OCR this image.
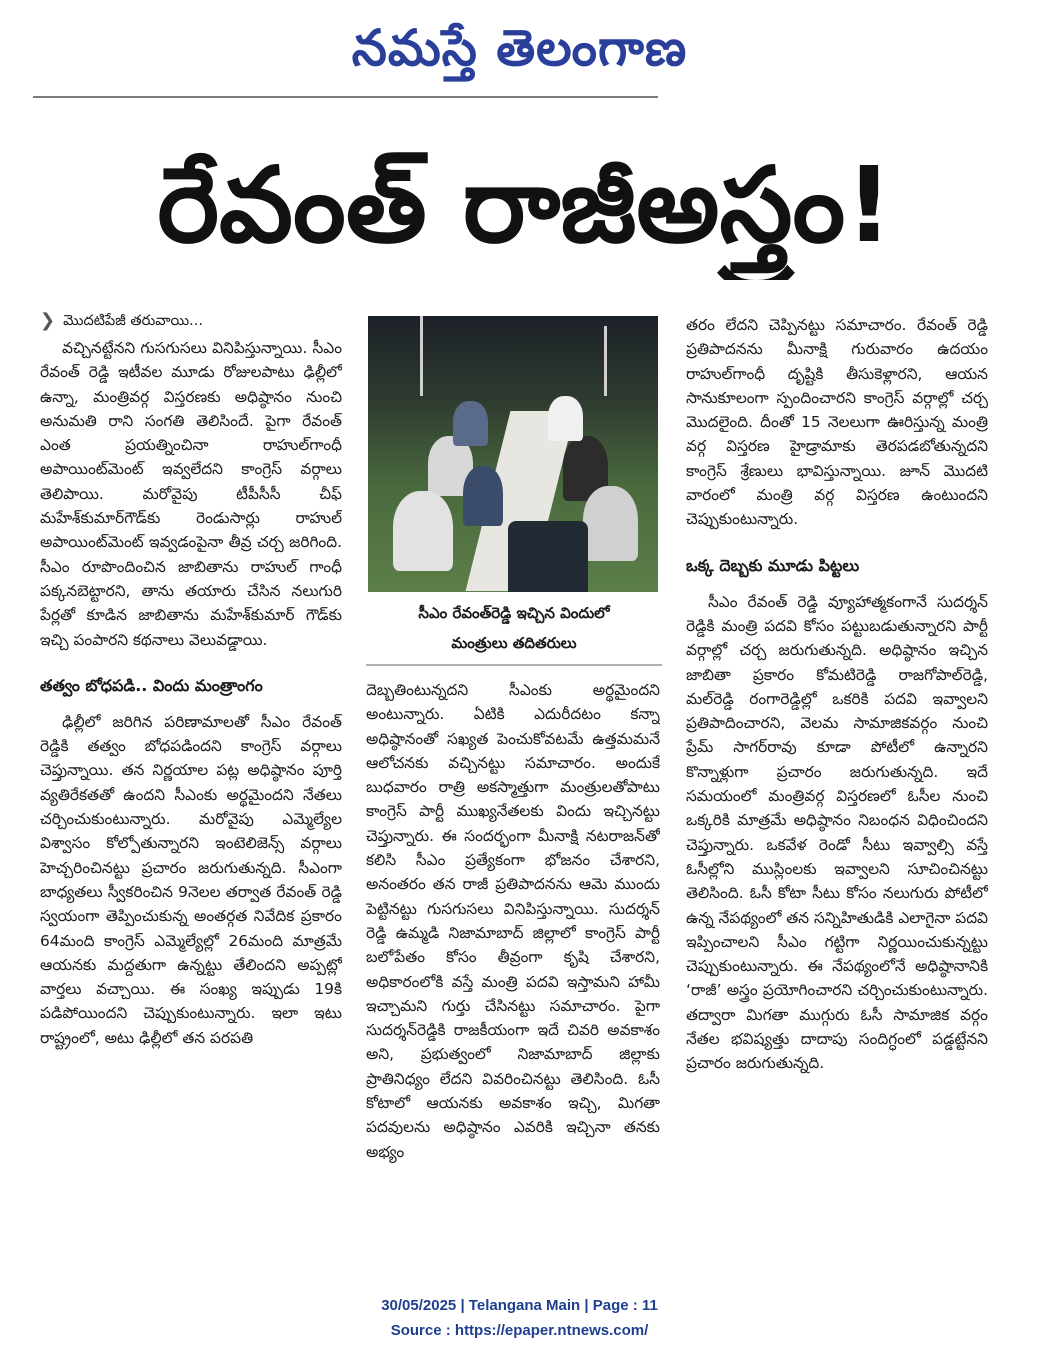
నమస్తే తెలంగాణ
రేవంత్ రాజీఅస్త్రం!
❯ మొదటిపేజీ తరువాయి...

వచ్చినట్టేనని గుసగుసలు వినిపిస్తున్నాయి. సీఎం రేవంత్ రెడ్డి ఇటీవల మూడు రోజులపాటు ఢిల్లీలో ఉన్నా, మంత్రివర్గ విస్తరణకు అధిష్ఠానం నుంచి అనుమతి రాని సంగతి తెలిసిందే. పైగా రేవంత్ ఎంత ప్రయత్నించినా రాహుల్‌గాంధీ అపాయింట్‌మెంట్ ఇవ్వలేదని కాంగ్రెస్ వర్గాలు తెలిపాయి. మరోవైపు టీపీసీసీ చీఫ్ మహేశ్‌కుమార్‌గౌడ్‌కు రెండుసార్లు రాహుల్ అపాయింట్‌మెంట్ ఇవ్వడంపైనా తీవ్ర చర్చ జరిగింది. సీఎం రూపొందించిన జాబితాను రాహుల్ గాంధీ పక్కనబెట్టారని, తాను తయారు చేసిన నలుగురి పేర్లతో కూడిన జాబితాను మహేశ్‌కుమార్ గౌడ్‌కు ఇచ్చి పంపారని కథనాలు వెలువడ్డాయి.

తత్వం బోధపడి.. విందు మంత్రాంగం

ఢిల్లీలో జరిగిన పరిణామాలతో సీఎం రేవంత్ రెడ్డికి తత్వం బోధపడిందని కాంగ్రెస్ వర్గాలు చెప్తున్నాయి. తన నిర్ణయాల పట్ల అధిష్ఠానం పూర్తి వ్యతిరేకతతో ఉందని సీఎంకు అర్థమైందని నేతలు చర్చించుకుంటున్నారు. మరోవైపు ఎమ్మెల్యేల విశ్వాసం కోల్పోతున్నారని ఇంటెలిజెన్స్ వర్గాలు హెచ్చరించినట్టు ప్రచారం జరుగుతున్నది. సీఎంగా బాధ్యతలు స్వీకరించిన 9నెలల తర్వాత రేవంత్ రెడ్డి స్వయంగా తెప్పించుకున్న అంతర్గత నివేదిక ప్రకారం 64మంది కాంగ్రెస్ ఎమ్మెల్యేల్లో 26మంది మాత్రమే ఆయనకు మద్దతుగా ఉన్నట్టు తేలిందని అప్పట్లో వార్తలు వచ్చాయి. ఈ సంఖ్య ఇప్పుడు 19కి పడిపోయిందని చెప్పుకుంటున్నారు. ఇలా ఇటు రాష్ట్రంలో, అటు ఢిల్లీలో తన పరపతి

సీఎం రేవంత్‌రెడ్డి ఇచ్చిన విందులో
మంత్రులు తదితరులు

దెబ్బతింటున్నదని సీఎంకు అర్థమైందని అంటున్నారు. ఏటికి ఎదురీదటం కన్నా అధిష్ఠానంతో సఖ్యత పెంచుకోవటమే ఉత్తమమనే ఆలోచనకు వచ్చినట్టు సమాచారం. అందుకే బుధవారం రాత్రి అకస్మాత్తుగా మంత్రులతోపాటు కాంగ్రెస్ పార్టీ ముఖ్యనేతలకు విందు ఇచ్చినట్టు చెప్తున్నారు. ఈ సందర్భంగా మీనాక్షి నటరాజన్‌తో కలిసి సీఎం ప్రత్యేకంగా భోజనం చేశారని, అనంతరం తన రాజీ ప్రతిపాదనను ఆమె ముందు పెట్టినట్టు గుసగుసలు వినిపిస్తున్నాయి. సుదర్శన్ రెడ్డి ఉమ్మడి నిజామాబాద్ జిల్లాలో కాంగ్రెస్ పార్టీ బలోపేతం కోసం తీవ్రంగా కృషి చేశారని, అధికారంలోకి వస్తే మంత్రి పదవి ఇస్తామని హామీ ఇచ్చామని గుర్తు చేసినట్టు సమాచారం. పైగా సుదర్శన్‌రెడ్డికి రాజకీయంగా ఇదే చివరి అవకాశం అని, ప్రభుత్వంలో నిజామాబాద్ జిల్లాకు ప్రాతినిధ్యం లేదని వివరించినట్టు తెలిసింది. ఓసీ కోటాలో ఆయనకు అవకాశం ఇచ్చి, మిగతా పదవులను అధిష్ఠానం ఎవరికి ఇచ్చినా తనకు అభ్యం

తరం లేదని చెప్పినట్టు సమాచారం. రేవంత్ రెడ్డి ప్రతిపాదనను మీనాక్షి గురువారం ఉదయం రాహుల్‌గాంధీ దృష్టికి తీసుకెళ్లారని, ఆయన సానుకూలంగా స్పందించారని కాంగ్రెస్ వర్గాల్లో చర్చ మొదలైంది. దీంతో 15 నెలలుగా ఊరిస్తున్న మంత్రి వర్గ విస్తరణ హైడ్రామాకు తెరపడబోతున్నదని కాంగ్రెస్ శ్రేణులు భావిస్తున్నాయి. జూన్ మొదటి వారంలో మంత్రి వర్గ విస్తరణ ఉంటుందని చెప్పుకుంటున్నారు.

ఒక్క దెబ్బకు మూడు పిట్టలు

సీఎం రేవంత్ రెడ్డి వ్యూహాత్మకంగానే సుదర్శన్ రెడ్డికి మంత్రి పదవి కోసం పట్టుబడుతున్నారని పార్టీ వర్గాల్లో చర్చ జరుగుతున్నది. అధిష్ఠానం ఇచ్చిన జాబితా ప్రకారం కోమటిరెడ్డి రాజగోపాల్‌రెడ్డి, మల్‌రెడ్డి రంగారెడ్డిల్లో ఒకరికి పదవి ఇవ్వాలని ప్రతిపాదించారని, వెలమ సామాజికవర్గం నుంచి ప్రేమ్ సాగర్‌రావు కూడా పోటీలో ఉన్నారని కొన్నాళ్లుగా ప్రచారం జరుగుతున్నది. ఇదే సమయంలో మంత్రివర్గ విస్తరణలో ఓసీల నుంచి ఒక్కరికి మాత్రమే అధిష్ఠానం నిబంధన విధించిందని చెప్తున్నారు. ఒకవేళ రెండో సీటు ఇవ్వాల్సి వస్తే ఓసీల్లోని ముస్లింలకు ఇవ్వాలని సూచించినట్టు తెలిసింది. ఓసీ కోటా సీటు కోసం నలుగురు పోటీలో ఉన్న నేపథ్యంలో తన సన్నిహితుడికి ఎలాగైనా పదవి ఇప్పించాలని సీఎం గట్టిగా నిర్ణయించుకున్నట్టు చెప్పుకుంటున్నారు. ఈ నేపథ్యంలోనే అధిష్ఠానానికి ‘రాజీ’ అస్త్రం ప్రయోగించారని చర్చించుకుంటున్నారు. తద్వారా మిగతా ముగ్గురు ఓసీ సామాజిక వర్గం నేతల భవిష్యత్తు దాదాపు సందిగ్ధంలో పడ్డట్టేనని ప్రచారం జరుగుతున్నది.

30/05/2025 | Telangana Main | Page : 11
Source : https://epaper.ntnews.com/
